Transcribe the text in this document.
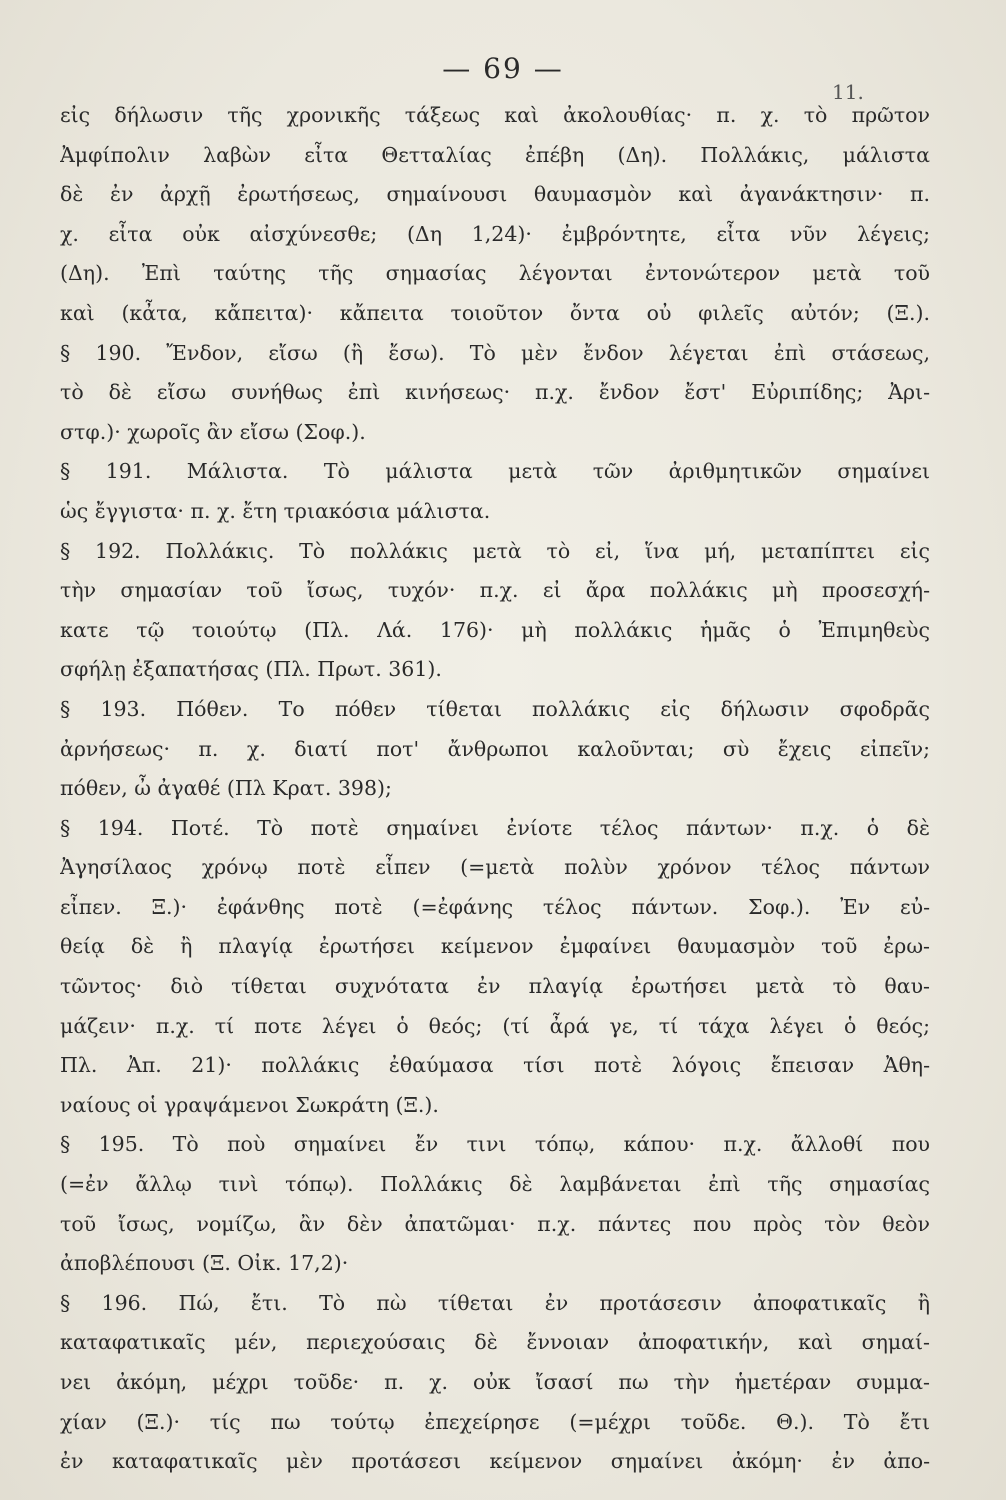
— 69 —
11.
εἰς δήλωσιν τῆς χρονικῆς τάξεως καὶ ἀκολουθίας· π. χ. τὸ πρῶτον
Ἀμφίπολιν λαβὼν εἶτα Θετταλίας ἐπέβη (Δη). Πολλάκις, μάλιστα
δὲ ἐν ἀρχῇ ἐρωτήσεως, σημαίνουσι θαυμασμὸν καὶ ἀγανάκτησιν· π.
χ. εἶτα οὐκ αἰσχύνεσθε; (Δη 1,24)· ἐμβρόντητε, εἶτα νῦν λέγεις;
(Δη). Ἐπὶ ταύτης τῆς σημασίας λέγονται ἐντονώτερον μετὰ τοῦ
καὶ (κἆτα, κἄπειτα)· κἄπειτα τοιοῦτον ὄντα οὐ φιλεῖς αὐτόν; (Ξ.).
§ 190. Ἔνδον, εἴσω (ἢ ἔσω). Τὸ μὲν ἔνδον λέγεται ἐπὶ στάσεως,
τὸ δὲ εἴσω συνήθως ἐπὶ κινήσεως· π.χ. ἔνδον ἔστ' Εὐριπίδης; Ἀρι-
στφ.)· χωροῖς ἂν εἴσω (Σοφ.).
§ 191. Μάλιστα. Τὸ μάλιστα μετὰ τῶν ἀριθμητικῶν σημαίνει
ὡς ἔγγιστα· π. χ. ἔτη τριακόσια μάλιστα.
§ 192. Πολλάκις. Τὸ πολλάκις μετὰ τὸ εἰ, ἵνα μή, μεταπίπτει εἰς
τὴν σημασίαν τοῦ ἴσως, τυχόν· π.χ. εἰ ἄρα πολλάκις μὴ προσεσχή-
κατε τῷ τοιούτῳ (Πλ. Λά. 176)· μὴ πολλάκις ἡμᾶς ὁ Ἐπιμηθεὺς
σφήλῃ ἐξαπατήσας (Πλ. Πρωτ. 361).
§ 193. Πόθεν. Το πόθεν τίθεται πολλάκις εἰς δήλωσιν σφοδρᾶς
ἀρνήσεως· π. χ. διατί ποτ' ἄνθρωποι καλοῦνται; σὺ ἔχεις εἰπεῖν;
πόθεν, ὦ ἀγαθέ (Πλ Κρατ. 398);
§ 194. Ποτέ. Τὸ ποτὲ σημαίνει ἐνίοτε τέλος πάντων· π.χ. ὁ δὲ
Ἀγησίλαος χρόνῳ ποτὲ εἶπεν (=μετὰ πολὺν χρόνον τέλος πάντων
εἶπεν. Ξ.)· ἐφάνθης ποτὲ (=ἐφάνης τέλος πάντων. Σοφ.). Ἐν εὐ-
θείᾳ δὲ ἢ πλαγίᾳ ἐρωτήσει κείμενον ἐμφαίνει θαυμασμὸν τοῦ ἐρω-
τῶντος· διὸ τίθεται συχνότατα ἐν πλαγίᾳ ἐρωτήσει μετὰ τὸ θαυ-
μάζειν· π.χ. τί ποτε λέγει ὁ θεός; (τί ἆρά γε, τί τάχα λέγει ὁ θεός;
Πλ. Ἀπ. 21)· πολλάκις ἐθαύμασα τίσι ποτὲ λόγοις ἔπεισαν Ἀθη-
ναίους οἱ γραψάμενοι Σωκράτη (Ξ.).
§ 195. Τὸ ποὺ σημαίνει ἔν τινι τόπῳ, κάπου· π.χ. ἄλλοθί που
(=ἐν ἄλλῳ τινὶ τόπῳ). Πολλάκις δὲ λαμβάνεται ἐπὶ τῆς σημασίας
τοῦ ἴσως, νομίζω, ἂν δὲν ἀπατῶμαι· π.χ. πάντες που πρὸς τὸν θεὸν
ἀποβλέπουσι (Ξ. Οἰκ. 17,2)·
§ 196. Πώ, ἔτι. Τὸ πὼ τίθεται ἐν προτάσεσιν ἀποφατικαῖς ἢ
καταφατικαῖς μέν, περιεχούσαις δὲ ἔννοιαν ἀποφατικήν, καὶ σημαί-
νει ἀκόμη, μέχρι τοῦδε· π. χ. οὐκ ἴσασί πω τὴν ἡμετέραν συμμα-
χίαν (Ξ.)· τίς πω τούτῳ ἐπεχείρησε (=μέχρι τοῦδε. Θ.). Τὸ ἔτι
ἐν καταφατικαῖς μὲν προτάσεσι κείμενον σημαίνει ἀκόμη· ἐν ἀπο-
